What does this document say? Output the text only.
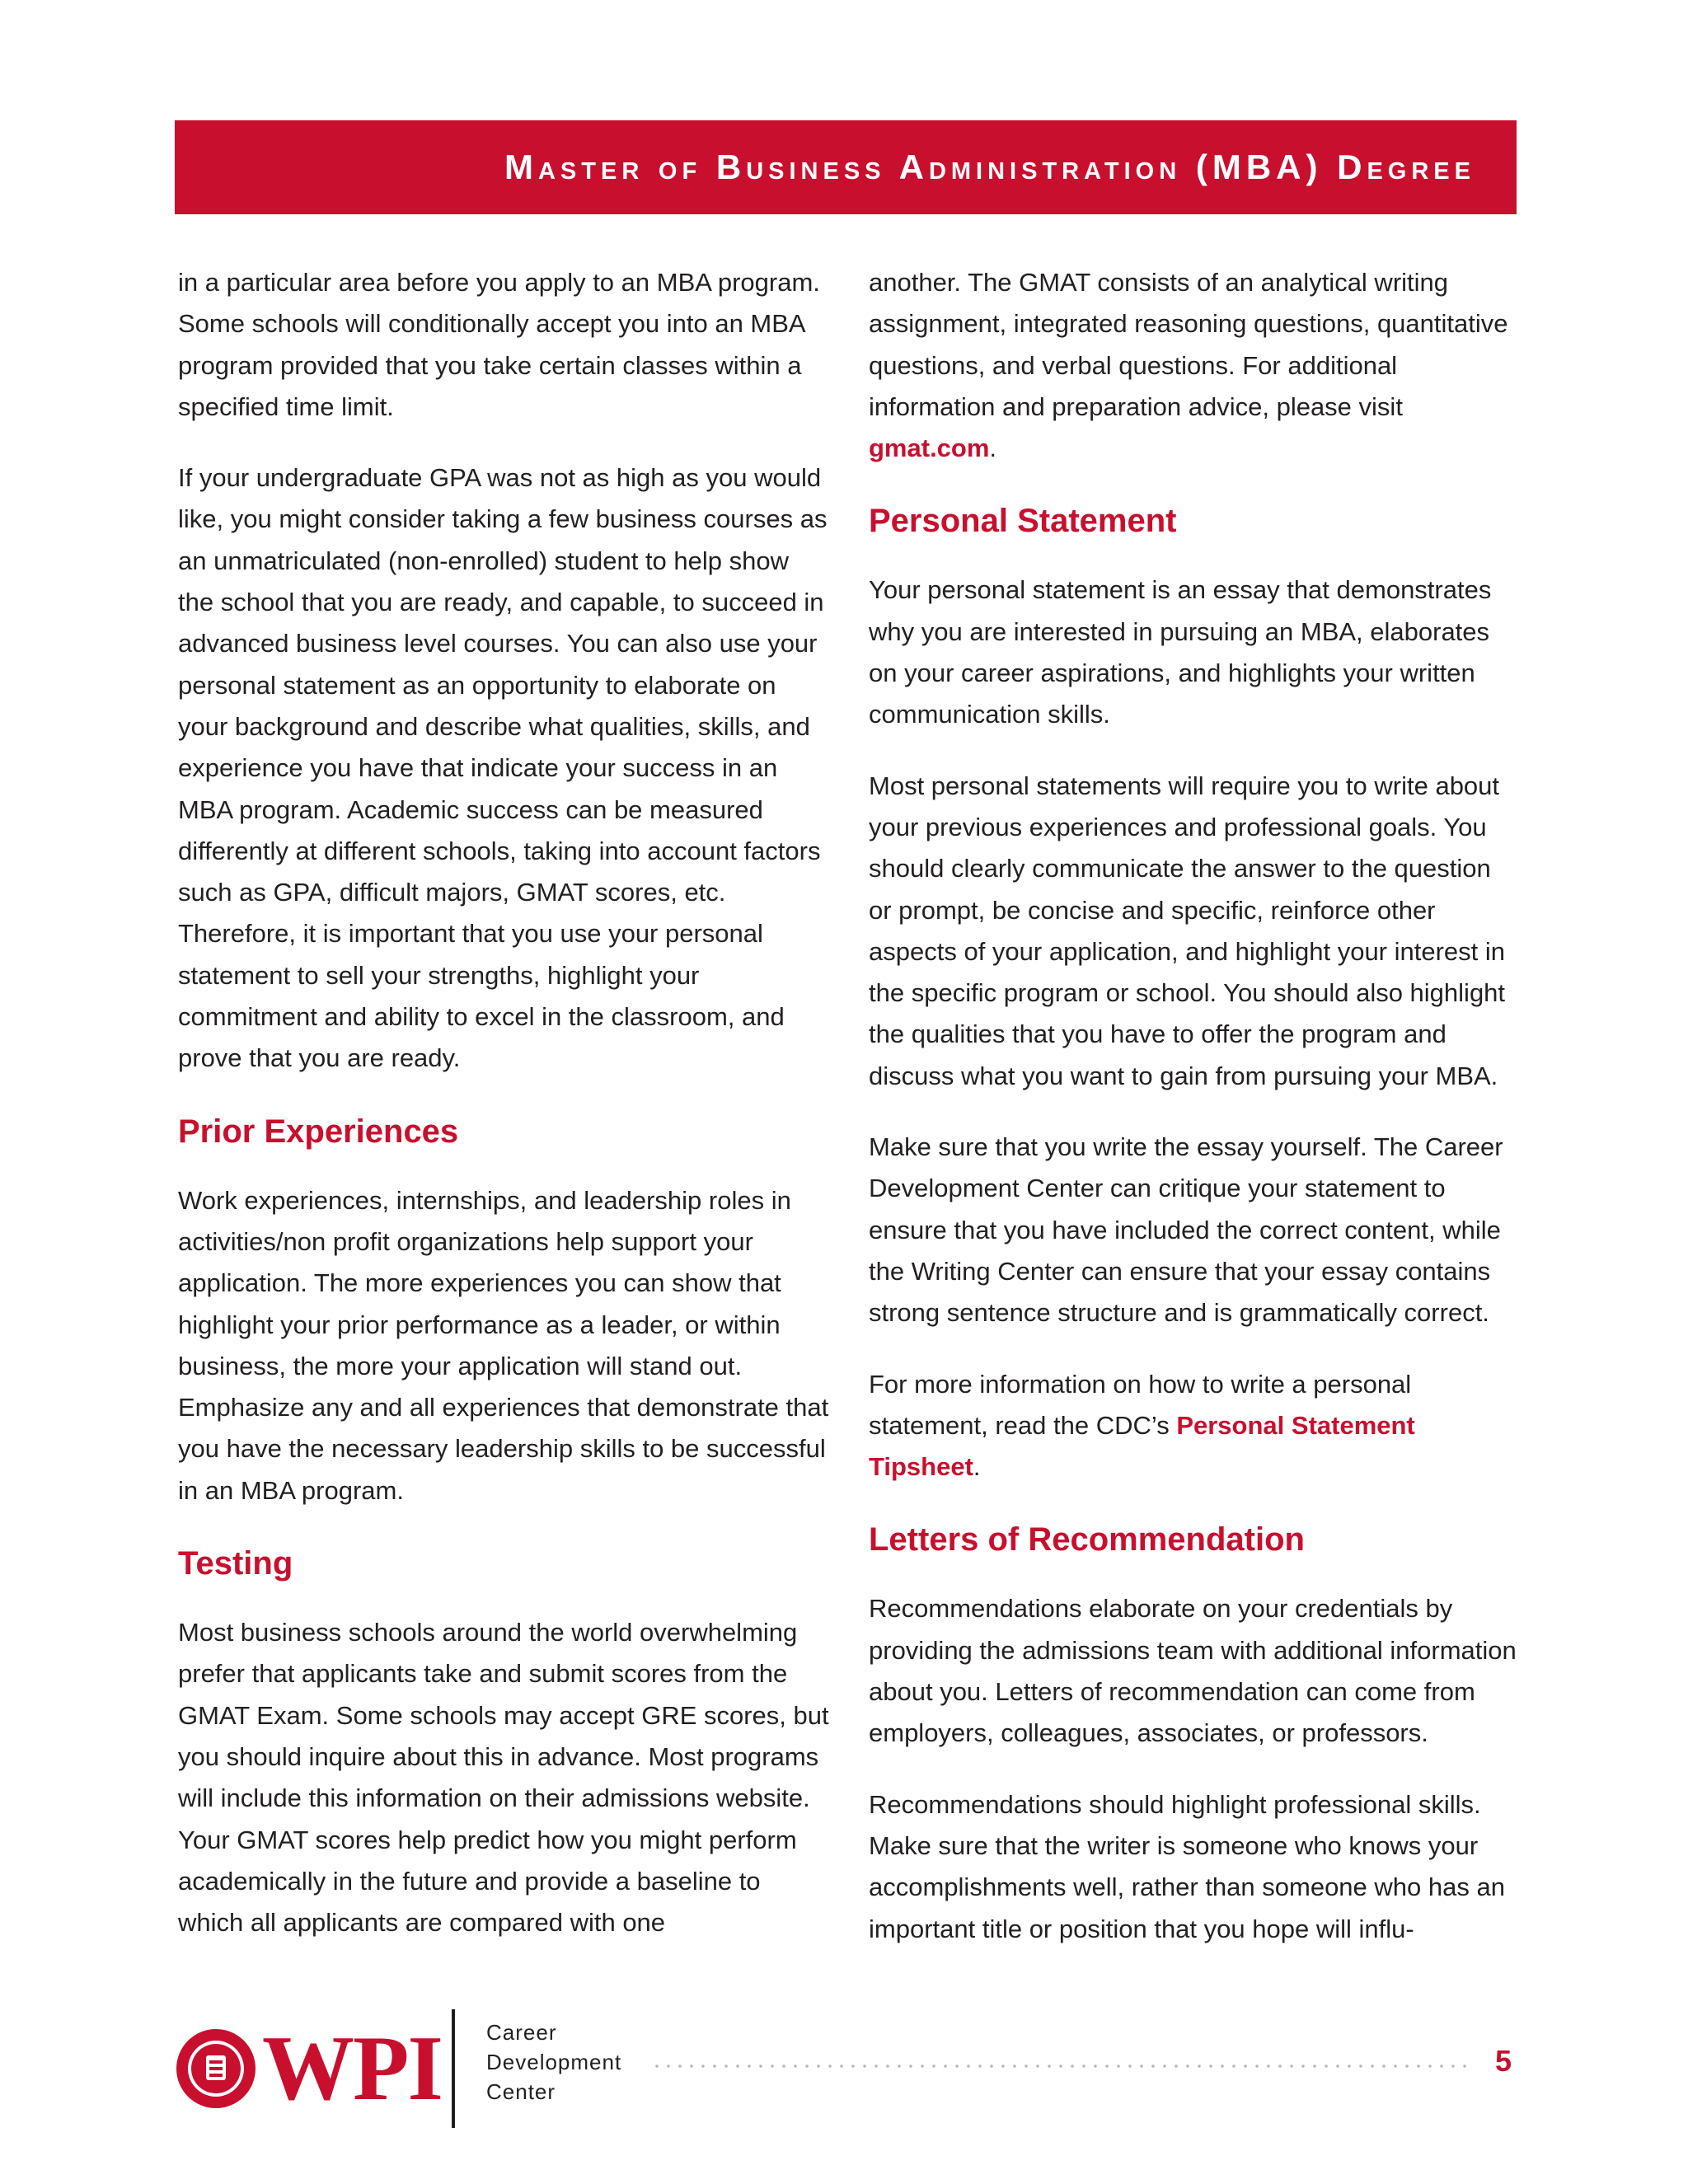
Master of Business Administration (MBA) Degree

in a particular area before you apply to an MBA program. Some schools will conditionally accept you into an MBA program provided that you take certain classes within a specified time limit.

If your undergraduate GPA was not as high as you would like, you might consider taking a few business courses as an unmatriculated (non-enrolled) student to help show the school that you are ready, and capable, to succeed in advanced business level courses. You can also use your personal statement as an opportunity to elaborate on your background and describe what qualities, skills, and experience you have that indicate your success in an MBA program. Academic success can be measured differently at different schools, taking into account factors such as GPA, difficult majors, GMAT scores, etc. Therefore, it is important that you use your personal statement to sell your strengths, highlight your commitment and ability to excel in the classroom, and prove that you are ready.

Prior Experiences

Work experiences, internships, and leadership roles in activities/non profit organizations help support your application. The more experiences you can show that highlight your prior performance as a leader, or within business, the more your application will stand out. Emphasize any and all experiences that demonstrate that you have the necessary leadership skills to be successful in an MBA program.

Testing

Most business schools around the world overwhelming prefer that applicants take and submit scores from the GMAT Exam. Some schools may accept GRE scores, but you should inquire about this in advance. Most programs will include this information on their admissions website. Your GMAT scores help predict how you might perform academically in the future and provide a baseline to which all applicants are compared with one

another. The GMAT consists of an analytical writing assignment, integrated reasoning questions, quantitative questions, and verbal questions. For additional information and preparation advice, please visit gmat.com.

Personal Statement

Your personal statement is an essay that demonstrates why you are interested in pursuing an MBA, elaborates on your career aspirations, and highlights your written communication skills.

Most personal statements will require you to write about your previous experiences and professional goals. You should clearly communicate the answer to the question or prompt, be concise and specific, reinforce other aspects of your application, and highlight your interest in the specific program or school. You should also highlight the qualities that you have to offer the program and discuss what you want to gain from pursuing your MBA.

Make sure that you write the essay yourself. The Career Development Center can critique your statement to ensure that you have included the correct content, while the Writing Center can ensure that your essay contains strong sentence structure and is grammatically correct.

For more information on how to write a personal statement, read the CDC’s Personal Statement Tipsheet.

Letters of Recommendation

Recommendations elaborate on your credentials by providing the admissions team with additional information about you. Letters of recommendation can come from employers, colleagues, associates, or professors.

Recommendations should highlight professional skills. Make sure that the writer is someone who knows your accomplishments well, rather than someone who has an important title or position that you hope will influ-

WPI Career
Development
Center
5
